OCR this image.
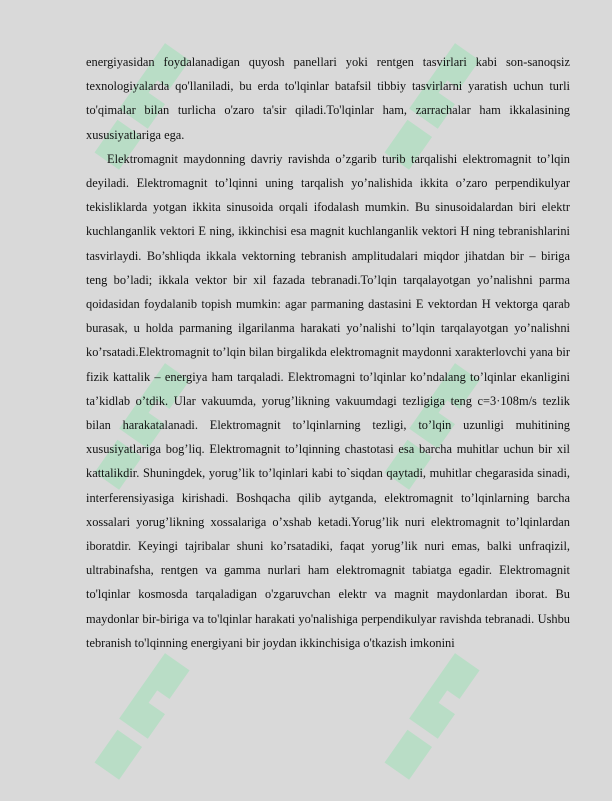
energiyasidan foydalanadigan quyosh panellari yoki rentgen tasvirlari kabi son-sanoqsiz texnologiyalarda qo'llaniladi, bu erda to'lqinlar batafsil tibbiy tasvirlarni yaratish uchun turli to'qimalar bilan turlicha o'zaro ta'sir qiladi.To'lqinlar ham, zarrachalar ham ikkalasining xususiyatlariga ega.

Elektromagnit maydonning davriy ravishda o’zgarib turib tarqalishi elektromagnit to’lqin deyiladi. Elektromagnit to’lqinni uning tarqalish yo’nalishida ikkita o’zaro perpendikulyar tekisliklarda yotgan ikkita sinusoida orqali ifodalash mumkin. Bu sinusoidalardan biri elektr kuchlanganlik vektori E ning, ikkinchisi esa magnit kuchlanganlik vektori H ning tebranishlarini tasvirlaydi. Bo’shliqda ikkala vektorning tebranish amplitudalari miqdor jihatdan bir – biriga teng bo’ladi; ikkala vektor bir xil fazada tebranadi.To’lqin tarqalayotgan yo’nalishni parma qoidasidan foydalanib topish mumkin: agar parmaning dastasini E vektordan H vektorga qarab burasak, u holda parmaning ilgarilanma harakati yo’nalishi to’lqin tarqalayotgan yo’nalishni ko’rsatadi.Elektromagnit to’lqin bilan birgalikda elektromagnit maydonni xarakterlovchi yana bir fizik kattalik – energiya ham tarqaladi. Elektromagni to’lqinlar ko’ndalang to’lqinlar ekanligini ta’kidlab o’tdik. Ular vakuumda, yorug’likning vakuumdagi tezligiga teng c=3·108m/s tezlik bilan harakatalanadi. Elektromagnit to’lqinlarning tezligi, to’lqin uzunligi muhitining xususiyatlariga bog’liq. Elektromagnit to’lqinning chastotasi esa barcha muhitlar uchun bir xil kattalikdir. Shuningdek, yorug’lik to’lqinlari kabi to`siqdan qaytadi, muhitlar chegarasida sinadi, interferensiyasiga kirishadi. Boshqacha qilib aytganda, elektromagnit to’lqinlarning barcha xossalari yorug’likning xossalariga o’xshab ketadi.Yorug’lik nuri elektromagnit to’lqinlardan iboratdir. Keyingi tajribalar shuni ko’rsatadiki, faqat yorug’lik nuri emas, balki unfraqizil, ultrabinafsha, rentgen va gamma nurlari ham elektromagnit tabiatga egadir. Elektromagnit to'lqinlar kosmosda tarqaladigan o'zgaruvchan elektr va magnit maydonlardan iborat. Bu maydonlar bir-biriga va to'lqinlar harakati yo'nalishiga perpendikulyar ravishda tebranadi. Ushbu tebranish to'lqinning energiyani bir joydan ikkinchisiga o'tkazish imkonini
